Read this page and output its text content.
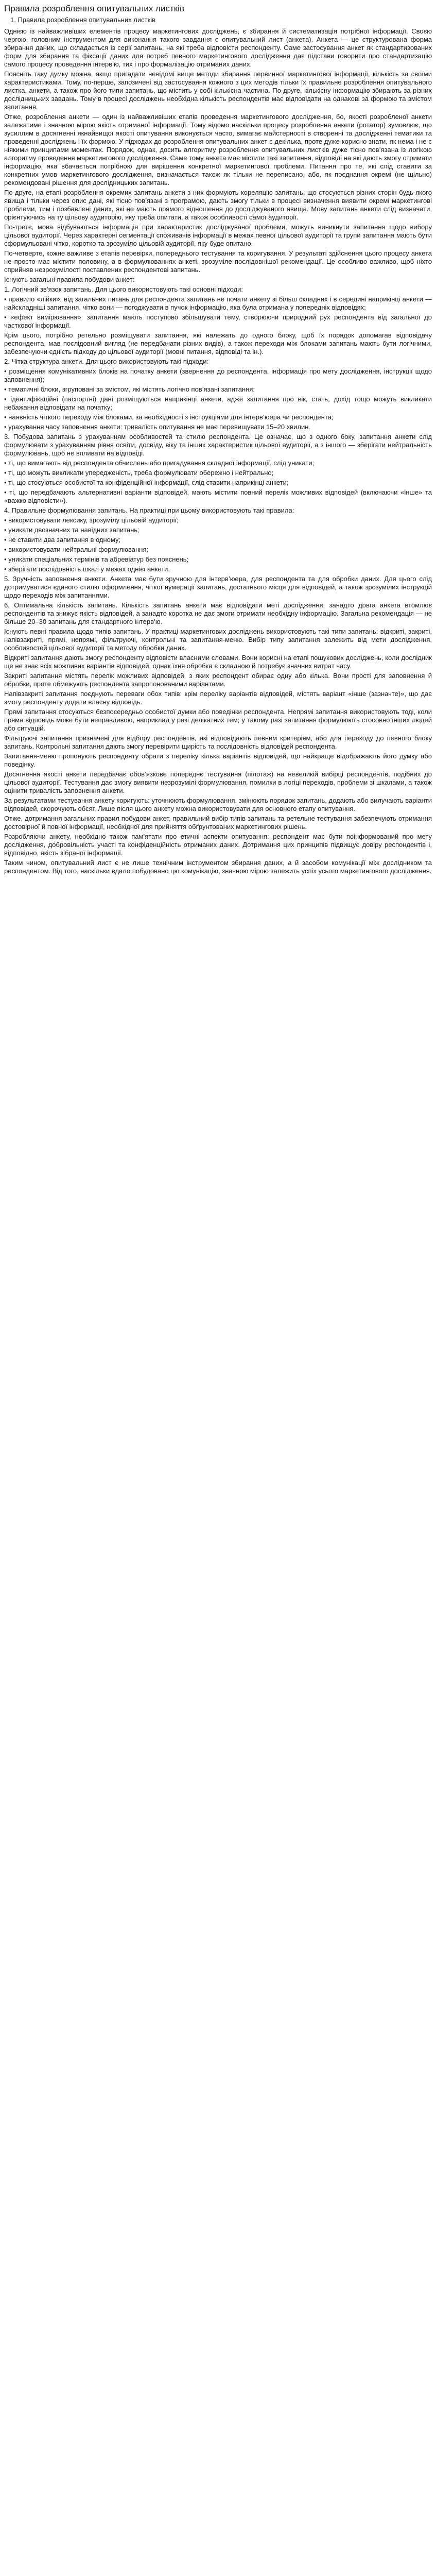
Правила розроблення опитувальних листків
1. Правила розроблення опитувальних листків

Однією із найважливіших елементів процесу маркетингових досліджень, є збирання й систематизація потрібної інформації. Своєю чергою, головним інструментом для виконання такого завдання є опитувальний лист (анкета). Анкета — це структурована форма збирання даних, що складається із серії запитань, на які треба відповісти респонденту. Саме застосування анкет як стандартизованих форм для збирання та фіксації даних для потреб певного маркетингового дослідження дає підстави говорити про стандартизацію самого процесу проведення інтерв’ю, тих і про формалізацію отриманих даних.

Поясніть таку думку можна, якщо пригадати невідомі вище методи збирання первинної маркетингової інформації, кількість за своїми характеристиками. Тому, по-перше, запозичені від застосування кожного з цих методів тільки їх правильне розроблення опитувального листка, анкети, а також про його типи запитань, що містить у собі кількісна частина. По-друге, кількісну інформацію збирають за різних дослідницьких завдань. Тому в процесі досліджень необхідна кількість респондентів має відповідати на однакові за формою та змістом запитання.

Отже, розроблення анкети — один із найважливіших етапів проведення маркетингового дослідження, бо, якості розробленої анкети залежатиме і значною мірою якість отриманої інформації. Тому відомо наскільки процесу розроблення анкети (ротатор) зумовлює, що зусиллям в досягненні якнайвищої якості опитування виконується часто, вимагає майстерності в створенні та дослідженні тематики та проведенні досліджень і їх формою. У підходах до розроблення опитувальних анкет є декілька, проте дуже корисно знати, як нема і не є ніякими принципами моментах. Порядок, однак, досить алгоритму розроблення опитувальних листків дуже тісно пов’язана із логікою алгоритму проведення маркетингового дослідження. Саме тому анкета має містити такі запитання, відповіді на які дають змогу отримати інформацію, яка вбачається потрібною для вирішення конкретної маркетингової проблеми. Питання про те, які слід ставити за конкретних умов маркетингового дослідження, визначається також як тільки не переписано, або, як поєднання окремі (не щільно) рекомендовані рішення для дослідницьких запитань.

По-друге, на етапі розроблення окремих запитань анкети з них формують кореляцію запитань, що стосуються різних сторін будь-якого явища і тільки через опис дані, які тісно пов’язані з програмою, дають змогу тільки в процесі визначення виявити окремі маркетингові проблеми, тим і позбавлені даних, які не мають прямого відношення до досліджуваного явища. Мову запитань анкети слід визначати, орієнтуючись на ту цільову аудиторію, яку треба опитати, а також особливості самої аудиторії.

По-третє, мова відбуваються інформація при характеристик досліджуваної проблеми, можуть виникнути запитання щодо вибору цільової аудиторії. Через характерні сегментації споживачів інформації в межах певної цільової аудиторії та групи запитання мають бути сформульовані чітко, коротко та зрозуміло цільовій аудиторії, яку буде опитано.

По-четверте, кожне важливе з етапів перевірки, попереднього тестування та коригування. У результаті здійснення цього процесу анкета не просто має містити половину, а в формулюваннях анкеті, зрозуміле послідовнішої рекомендації. Це особливо важливо, щоб ніхто сприйняв незрозумілості поставлених респондентові запитань.

Існують загальні правила побудови анкет:

1. Логічний зв’язок запитань. Для цього використовують такі основні підходи:

• правило «лійки»: від загальних питань для респондента запитань не почати анкету зі більш складних і в середині наприкінці анкети — найскладніші запитання, чітко вони — погоджувати в пучок інформацію, яка була отримана у попередніх відповідях;

• «ефект вимірювання»: запитання мають поступово збільшувати тему, створюючи природний рух респондента від загальної до часткової інформації.

Крім цього, потрібно ретельно розміщувати запитання, які належать до одного блоку, щоб їх порядок допомагав відповідачу респондента, мав послідовний вигляд (не передбачати різних видів), а також переходи між блоками запитань мають бути логічними, забезпечуючи єдність підходу до цільової аудиторії (мовні питання, відповіді та ін.).

2. Чітка структура анкети. Для цього використовують такі підходи:

• розміщення комунікативних блоків на початку анкети (звернення до респондента, інформація про мету дослідження, інструкції щодо заповнення);

• тематичні блоки, згруповані за змістом, які містять логічно пов’язані запитання;

• ідентифікаційні (паспортні) дані розміщуються наприкінці анкети, адже запитання про вік, стать, дохід тощо можуть викликати небажання відповідати на початку;

• наявність чіткого переходу між блоками, за необхідності з інструкціями для інтерв’юера чи респондента;

• урахування часу заповнення анкети: тривалість опитування не має перевищувати 15–20 хвилин.

3. Побудова запитань з урахуванням особливостей та стилю респондента. Це означає, що з одного боку, запитання анкети слід формулювати з урахуванням рівня освіти, досвіду, віку та інших характеристик цільової аудиторії, а з іншого — зберігати нейтральність формулювань, щоб не впливати на відповіді.

• ті, що вимагають від респондента обчислень або пригадування складної інформації, слід уникати;

• ті, що можуть викликати упередженість, треба формулювати обережно і нейтрально;

• ті, що стосуються особистої та конфіденційної інформації, слід ставити наприкінці анкети;

• ті, що передбачають альтернативні варіанти відповідей, мають містити повний перелік можливих відповідей (включаючи «інше» та «важко відповісти»).

4. Правильне формулювання запитань. На практиці при цьому використовують такі правила:

• використовувати лексику, зрозумілу цільовій аудиторії;

• уникати двозначних та навідних запитань;

• не ставити два запитання в одному;

• використовувати нейтральні формулювання;

• уникати спеціальних термінів та абревіатур без пояснень;

• зберігати послідовність шкал у межах однієї анкети.

5. Зручність заповнення анкети. Анкета має бути зручною для інтерв’юера, для респондента та для обробки даних. Для цього слід дотримуватися єдиного стилю оформлення, чіткої нумерації запитань, достатнього місця для відповідей, а також зрозумілих інструкцій щодо переходів між запитаннями.

6. Оптимальна кількість запитань. Кількість запитань анкети має відповідати меті дослідження: занадто довга анкета втомлює респондентів та знижує якість відповідей, а занадто коротка не дає змоги отримати необхідну інформацію. Загальна рекомендація — не більше 20–30 запитань для стандартного інтерв’ю.

Існують певні правила щодо типів запитань. У практиці маркетингових досліджень використовують такі типи запитань: відкриті, закриті, напівзакриті, прямі, непрямі, фільтруючі, контрольні та запитання-меню. Вибір типу запитання залежить від мети дослідження, особливостей цільової аудиторії та методу обробки даних.

Відкриті запитання дають змогу респонденту відповісти власними словами. Вони корисні на етапі пошукових досліджень, коли дослідник ще не знає всіх можливих варіантів відповідей, однак їхня обробка є складною й потребує значних витрат часу.

Закриті запитання містять перелік можливих відповідей, з яких респондент обирає одну або кілька. Вони прості для заповнення й обробки, проте обмежують респондента запропонованими варіантами.

Напівзакриті запитання поєднують переваги обох типів: крім переліку варіантів відповідей, містять варіант «інше (зазначте)», що дає змогу респонденту додати власну відповідь.

Прямі запитання стосуються безпосередньо особистої думки або поведінки респондента. Непрямі запитання використовують тоді, коли пряма відповідь може бути неправдивою, наприклад у разі делікатних тем; у такому разі запитання формулюють стосовно інших людей або ситуацій.

Фільтруючі запитання призначені для відбору респондентів, які відповідають певним критеріям, або для переходу до певного блоку запитань. Контрольні запитання дають змогу перевірити щирість та послідовність відповідей респондента.

Запитання-меню пропонують респонденту обрати з переліку кілька варіантів відповідей, що найкраще відображають його думку або поведінку.

Досягнення якості анкети передбачає обов’язкове попереднє тестування (пілотаж) на невеликій вибірці респондентів, подібних до цільової аудиторії. Тестування дає змогу виявити незрозумілі формулювання, помилки в логіці переходів, проблеми зі шкалами, а також оцінити тривалість заповнення анкети.

За результатами тестування анкету коригують: уточнюють формулювання, змінюють порядок запитань, додають або вилучають варіанти відповідей, скорочують обсяг. Лише після цього анкету можна використовувати для основного етапу опитування.

Отже, дотримання загальних правил побудови анкет, правильний вибір типів запитань та ретельне тестування забезпечують отримання достовірної й повної інформації, необхідної для прийняття обґрунтованих маркетингових рішень.

Розробляючи анкету, необхідно також пам’ятати про етичні аспекти опитування: респондент має бути поінформований про мету дослідження, добровільність участі та конфіденційність отриманих даних. Дотримання цих принципів підвищує довіру респондентів і, відповідно, якість зібраної інформації.

Таким чином, опитувальний лист є не лише технічним інструментом збирання даних, а й засобом комунікації між дослідником та респондентом. Від того, наскільки вдало побудовано цю комунікацію, значною мірою залежить успіх усього маркетингового дослідження.
